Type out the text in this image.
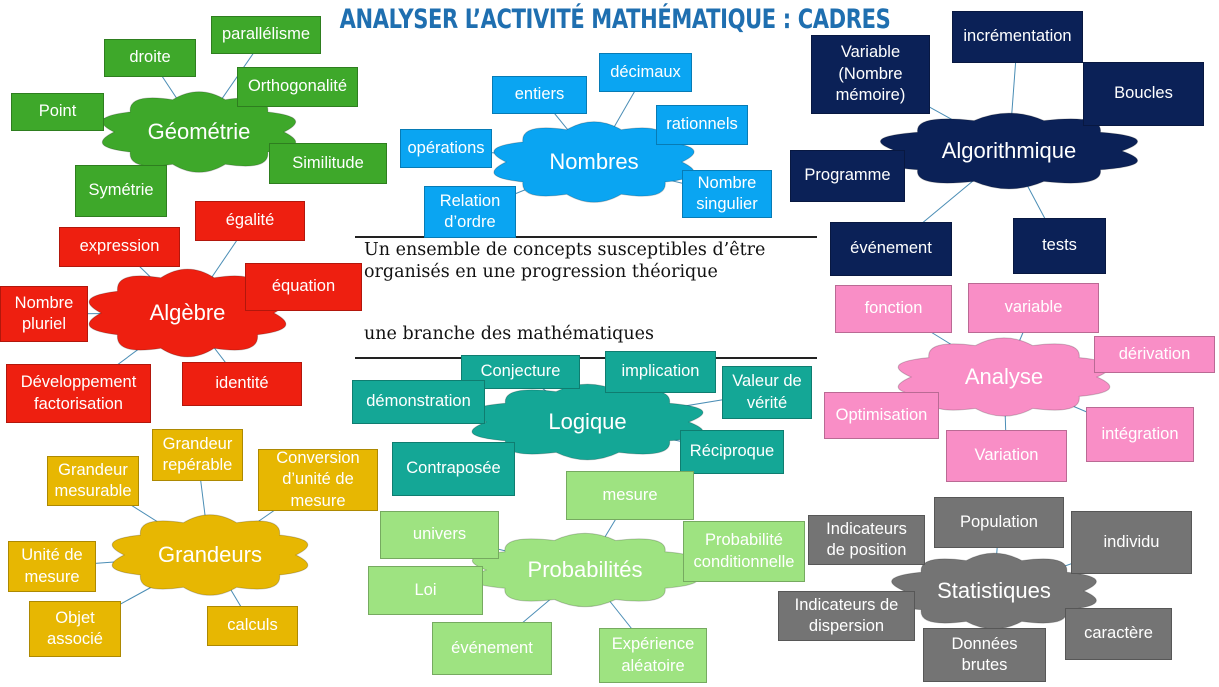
ANALYSER L’ACTIVITÉ MATHÉMATIQUE : CADRES
Un ensemble de concepts susceptibles d’être organisés en une progression théorique
une branche des mathématiques
Géométrie
parallélisme
droite
Orthogonalité
Point
Similitude
Symétrie
Nombres
décimaux
entiers
rationnels
opérations
Nombre
singulier
Relation
d’ordre
Algorithmique
incrémentation
Variable
(Nombre
mémoire)	Boucles
Programme
événement	tests
Algèbre
égalité
expression
équation
Nombre
pluriel
Développement
factorisation
identité	Analyse
fonction	variable
dérivation
Optimisation
intégration
Variation
Logique
Conjecture	implication
démonstration
Valeur de
vérité
Réciproque
Contraposée
Grandeurs
Grandeur
repérable
Grandeur
mesurable
Conversion
d’unité de
mesure
Unité de
mesure
Objet
associé
calculs
Probabilités
mesure
univers	Probabilité
conditionnelle
Loi
événement	Expérience
aléatoire
Statistiques
Population
Indicateurs
de position	individu
Indicateurs de
dispersion	caractère
Données
brutes
